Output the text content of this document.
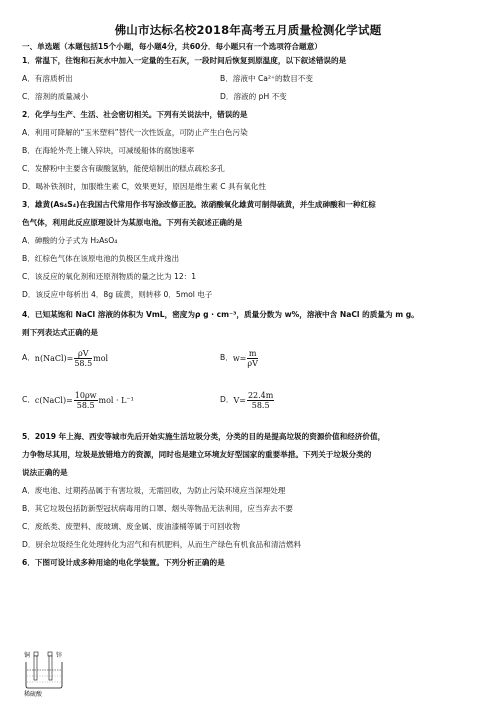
佛山市达标名校2018年高考五月质量检测化学试题
一、单选题（本题包括15个小题，每小题4分，共60分．每小题只有一个选项符合题意）
1．常温下，往饱和石灰水中加入一定量的生石灰，一段时间后恢复到原温度，以下叙述错误的是
A．有溶质析出	B．溶液中 Ca²⁺的数目不变
C．溶剂的质量减小	D．溶液的 pH 不变
2．化学与生产、生活、社会密切相关。下列有关说法中，错误的是
A．利用可降解的“玉米塑料”替代一次性饭盒，可防止产生白色污染
B．在海轮外壳上镶入锌块，可减缓船体的腐蚀速率
C．发酵粉中主要含有碳酸氢钠，能使焙制出的糕点疏松多孔
D．喝补铁剂时，加服维生素 C，效果更好，原因是维生素 C 具有氧化性
3．雄黄(As₄S₄)在我国古代常用作书写涂改修正胶。浓硝酸氧化雄黄可制得硫黄，并生成砷酸和一种红棕
色气体，利用此反应原理设计为某原电池。下列有关叙述正确的是
A．砷酸的分子式为 H₂AsO₄
B．红棕色气体在该原电池的负极区生成并逸出
C．该反应的氧化剂和还原剂物质的量之比为 12：1
D．该反应中每析出 4．8g 硫黄，则转移 0．5mol 电子
4．已知某饱和 NaCl 溶液的体积为 VmL，密度为ρ g · cm⁻³，质量分数为 w%，溶液中含 NaCl 的质量为 m g。
则下列表达式正确的是
A． n(NaCl)= $\frac{\rho V}{58.5}$ mol	B． $w= \frac{m}{\rho V}$
C． c(NaCl)= $\frac{10\rho w}{58.5}$ mol · L⁻¹	D． $V= \frac{22.4m}{58.5}$
5．2019 年上海、西安等城市先后开始实施生活垃圾分类，分类的目的是提高垃圾的资源价值和经济价值，
力争物尽其用，垃圾是放错地方的资源，同时也是建立环境友好型国家的重要举措。下列关于垃圾分类的
说法正确的是
A．废电池、过期药品属于有害垃圾，无需回收，为防止污染环境应当深埋处理
B．其它垃圾包括防新型冠状病毒用的口罩、烟头等物品无法利用，应当弃去不要
C．废纸类、废塑料、废玻璃、废金属、废油漆桶等属于可回收物
D．厨余垃圾经生化处理转化为沼气和有机肥料，从而生产绿色有机食品和清洁燃料
6．下图可设计成多种用途的电化学装置。下列分析正确的是
铜	锌
稀硫酸
